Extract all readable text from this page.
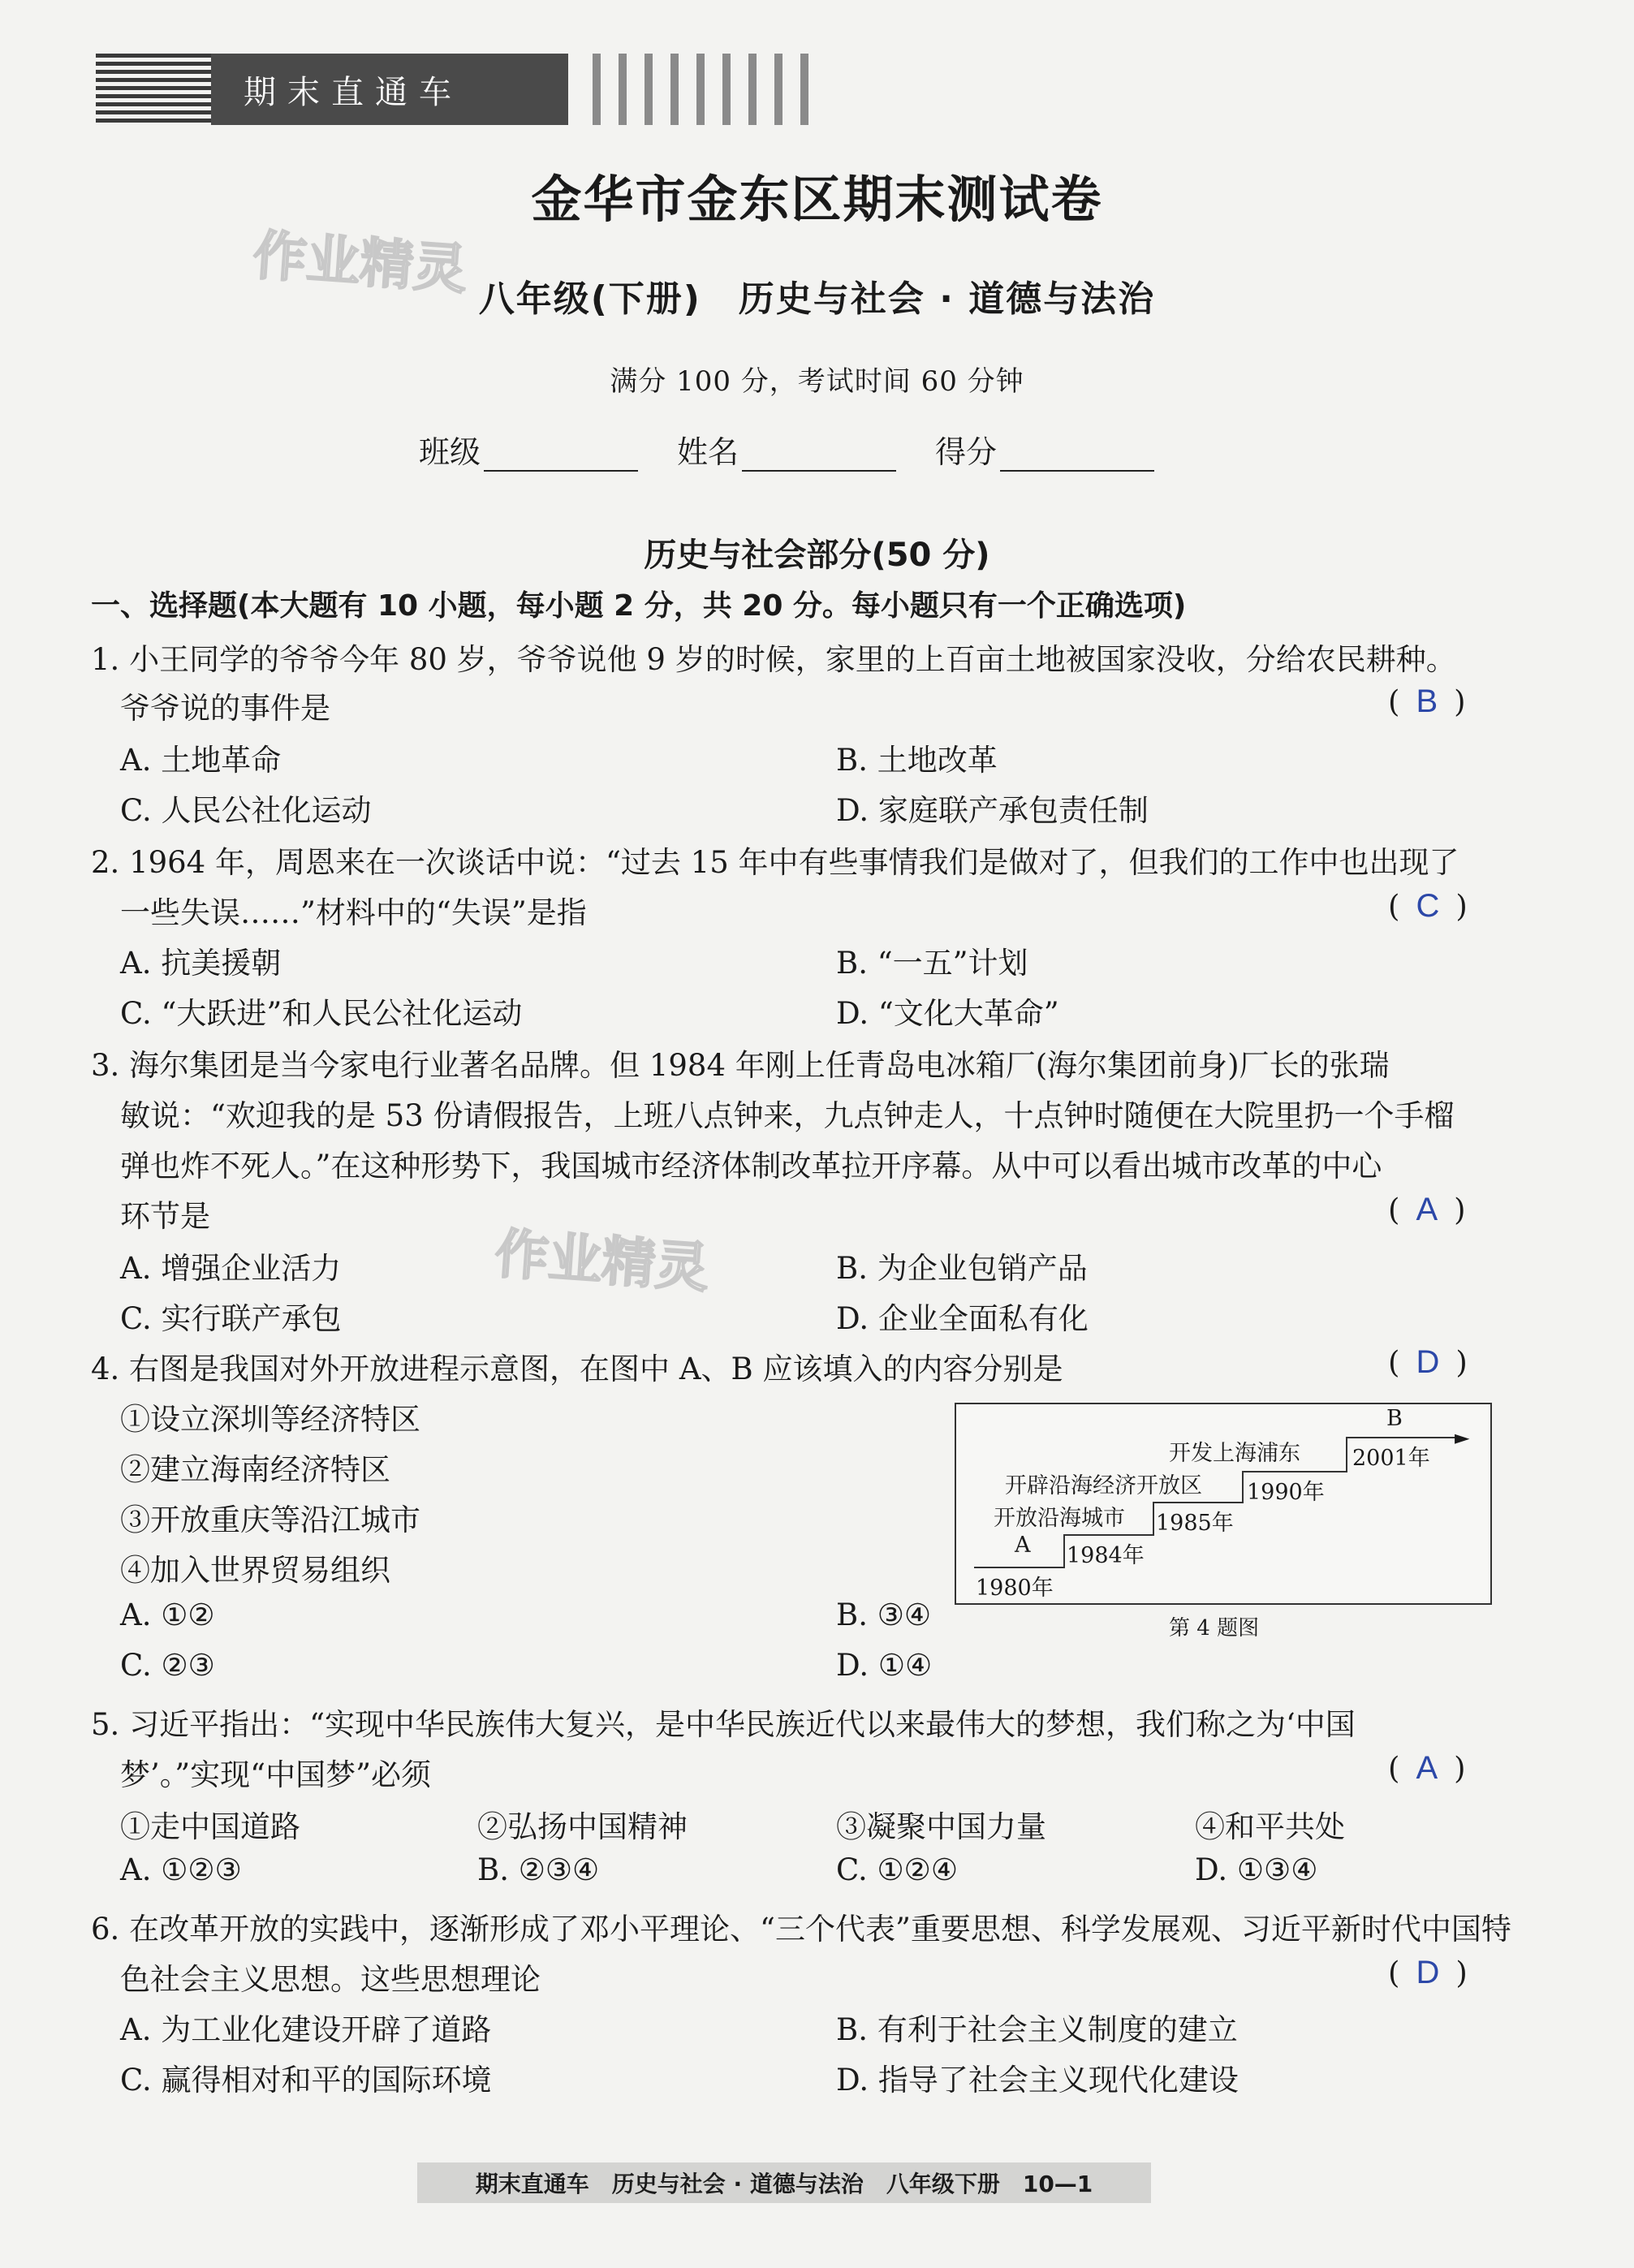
期末直通车
作业精灵
作业精灵
金华市金东区期末测试卷
八年级(下册)　历史与社会 · 道德与法治
满分 100 分，考试时间 60 分钟
班级	姓名	得分
历史与社会部分(50 分)
一、选择题(本大题有 10 小题，每小题 2 分，共 20 分。每小题只有一个正确选项)
1. 小王同学的爷爷今年 80 岁，爷爷说他 9 岁的时候，家里的上百亩土地被国家没收，分给农民耕种。
爷爷说的事件是	( B )
A. 土地革命	B. 土地改革
C. 人民公社化运动	D. 家庭联产承包责任制
2. 1964 年，周恩来在一次谈话中说：“过去 15 年中有些事情我们是做对了，但我们的工作中也出现了
一些失误……”材料中的“失误”是指	( C )
A. 抗美援朝	B. “一五”计划
C. “大跃进”和人民公社化运动	D. “文化大革命”
3. 海尔集团是当今家电行业著名品牌。但 1984 年刚上任青岛电冰箱厂(海尔集团前身)厂长的张瑞
敏说：“欢迎我的是 53 份请假报告，上班八点钟来，九点钟走人，十点钟时随便在大院里扔一个手榴
弹也炸不死人。”在这种形势下，我国城市经济体制改革拉开序幕。从中可以看出城市改革的中心
环节是	( A )
A. 增强企业活力	B. 为企业包销产品
C. 实行联产承包	D. 企业全面私有化
4. 右图是我国对外开放进程示意图，在图中 A、B 应该填入的内容分别是	( D )
①设立深圳等经济特区
②建立海南经济特区
③开放重庆等沿江城市
④加入世界贸易组织
A. ①②	B. ③④
C. ②③	D. ①④
►
B
开发上海浦东 2001年
开辟沿海经济开放区 1990年
开放沿海城市 1985年
A 1984年
1980年
第 4 题图
5. 习近平指出：“实现中华民族伟大复兴，是中华民族近代以来最伟大的梦想，我们称之为‘中国
梦’。”实现“中国梦”必须	( A )
①走中国道路	②弘扬中国精神	③凝聚中国力量	④和平共处
A. ①②③	B. ②③④	C. ①②④	D. ①③④
6. 在改革开放的实践中，逐渐形成了邓小平理论、“三个代表”重要思想、科学发展观、习近平新时代中国特
色社会主义思想。这些思想理论	( D )
A. 为工业化建设开辟了道路	B. 有利于社会主义制度的建立
C. 赢得相对和平的国际环境	D. 指导了社会主义现代化建设
期末直通车　历史与社会 · 道德与法治　八年级下册　10—1
